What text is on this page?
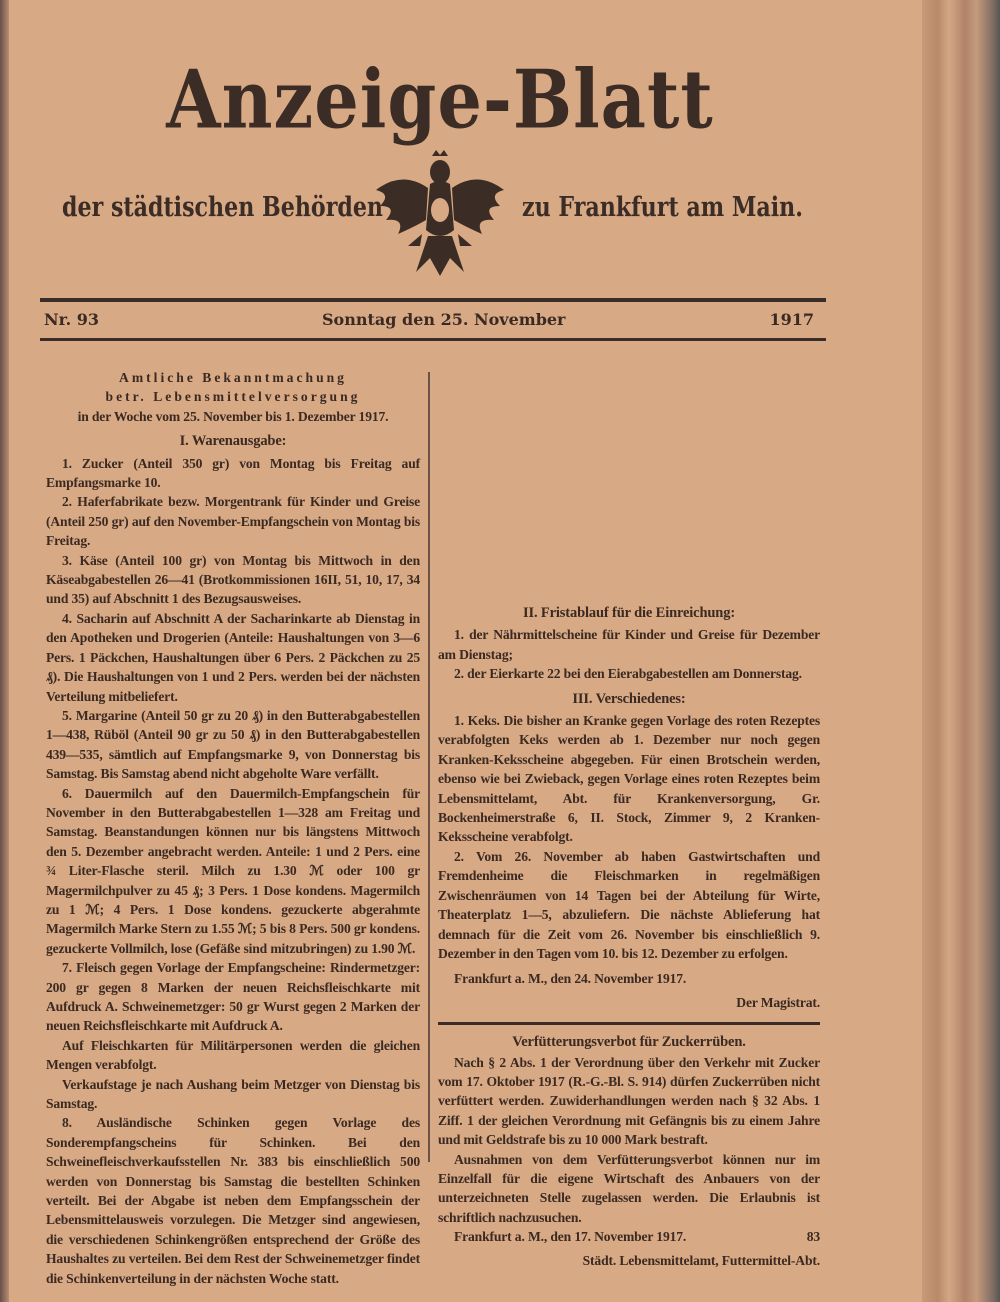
Anzeige-Blatt
der städtischen Behörden	zu Frankfurt am Main.
Nr. 93	Sonntag den 25. November	1917
Amtliche Bekanntmachung
betr. Lebensmittelversorgung
in der Woche vom 25. November bis 1. Dezember 1917.
I. Warenausgabe:

1. Zucker (Anteil 350 gr) von Montag bis Freitag auf Empfangsmarke 10.

2. Haferfabrikate bezw. Morgentrank für Kinder und Greise (Anteil 250 gr) auf den November-Empfangschein von Montag bis Freitag.

3. Käse (Anteil 100 gr) von Montag bis Mittwoch in den Käseabgabestellen 26—41 (Brotkommissionen 16II, 51, 10, 17, 34 und 35) auf Abschnitt 1 des Bezugsausweises.

4. Sacharin auf Abschnitt A der Sacharinkarte ab Dienstag in den Apotheken und Drogerien (Anteile: Haushaltungen von 3—6 Pers. 1 Päckchen, Haushaltungen über 6 Pers. 2 Päckchen zu 25 ₰). Die Haushaltungen von 1 und 2 Pers. werden bei der nächsten Verteilung mitbeliefert.

5. Margarine (Anteil 50 gr zu 20 ₰) in den Butterabgabestellen 1—438, Rüböl (Anteil 90 gr zu 50 ₰) in den Butterabgabestellen 439—535, sämtlich auf Empfangsmarke 9, von Donnerstag bis Samstag. Bis Samstag abend nicht abgeholte Ware verfällt.

6. Dauermilch auf den Dauermilch-Empfangschein für November in den Butterabgabestellen 1—328 am Freitag und Samstag. Beanstandungen können nur bis längstens Mittwoch den 5. Dezember angebracht werden. Anteile: 1 und 2 Pers. eine ¾ Liter-Flasche steril. Milch zu 1.30 ℳ oder 100 gr Magermilchpulver zu 45 ₰; 3 Pers. 1 Dose kondens. Magermilch zu 1 ℳ; 4 Pers. 1 Dose kondens. gezuckerte abgerahmte Magermilch Marke Stern zu 1.55 ℳ; 5 bis 8 Pers. 500 gr kondens. gezuckerte Vollmilch, lose (Gefäße sind mitzubringen) zu 1.90 ℳ.

7. Fleisch gegen Vorlage der Empfangscheine: Rindermetzger: 200 gr gegen 8 Marken der neuen Reichsfleischkarte mit Aufdruck A. Schweinemetzger: 50 gr Wurst gegen 2 Marken der neuen Reichsfleischkarte mit Aufdruck A.

Auf Fleischkarten für Militärpersonen werden die gleichen Mengen verabfolgt.

Verkaufstage je nach Aushang beim Metzger von Dienstag bis Samstag.

8. Ausländische Schinken gegen Vorlage des Sonderempfangscheins für Schinken. Bei den Schweinefleischverkaufsstellen Nr. 383 bis einschließlich 500 werden von Donnerstag bis Samstag die bestellten Schinken verteilt. Bei der Abgabe ist neben dem Empfangsschein der Lebensmittelausweis vorzulegen. Die Metzger sind angewiesen, die verschiedenen Schinkengrößen entsprechend der Größe des Haushaltes zu verteilen. Bei dem Rest der Schweinemetzger findet die Schinkenverteilung in der nächsten Woche statt.

II. Fristablauf für die Einreichung:

1. der Nährmittelscheine für Kinder und Greise für Dezember am Dienstag;

2. der Eierkarte 22 bei den Eierabgabestellen am Donnerstag.

III. Verschiedenes:

1. Keks. Die bisher an Kranke gegen Vorlage des roten Rezeptes verabfolgten Keks werden ab 1. Dezember nur noch gegen Kranken-Keksscheine abgegeben. Für einen Brotschein werden, ebenso wie bei Zwieback, gegen Vorlage eines roten Rezeptes beim Lebensmittelamt, Abt. für Krankenversorgung, Gr. Bockenheimerstraße 6, II. Stock, Zimmer 9, 2 Kranken-Keksscheine verabfolgt.

2. Vom 26. November ab haben Gastwirtschaften und Fremdenheime die Fleischmarken in regelmäßigen Zwischenräumen von 14 Tagen bei der Abteilung für Wirte, Theaterplatz 1—5, abzuliefern. Die nächste Ablieferung hat demnach für die Zeit vom 26. November bis einschließlich 9. Dezember in den Tagen vom 10. bis 12. Dezember zu erfolgen.

Frankfurt a. M., den 24. November 1917.
Der Magistrat.
Verfütterungsverbot für Zuckerrüben.

Nach § 2 Abs. 1 der Verordnung über den Verkehr mit Zucker vom 17. Oktober 1917 (R.-G.-Bl. S. 914) dürfen Zuckerrüben nicht verfüttert werden. Zuwiderhandlungen werden nach § 32 Abs. 1 Ziff. 1 der gleichen Verordnung mit Gefängnis bis zu einem Jahre und mit Geldstrafe bis zu 10 000 Mark bestraft.

Ausnahmen von dem Verfütterungsverbot können nur im Einzelfall für die eigene Wirtschaft des Anbauers von der unterzeichneten Stelle zugelassen werden. Die Erlaubnis ist schriftlich nachzusuchen.

Frankfurt a. M., den 17. November 1917.	83
Städt. Lebensmittelamt, Futtermittel-Abt.
